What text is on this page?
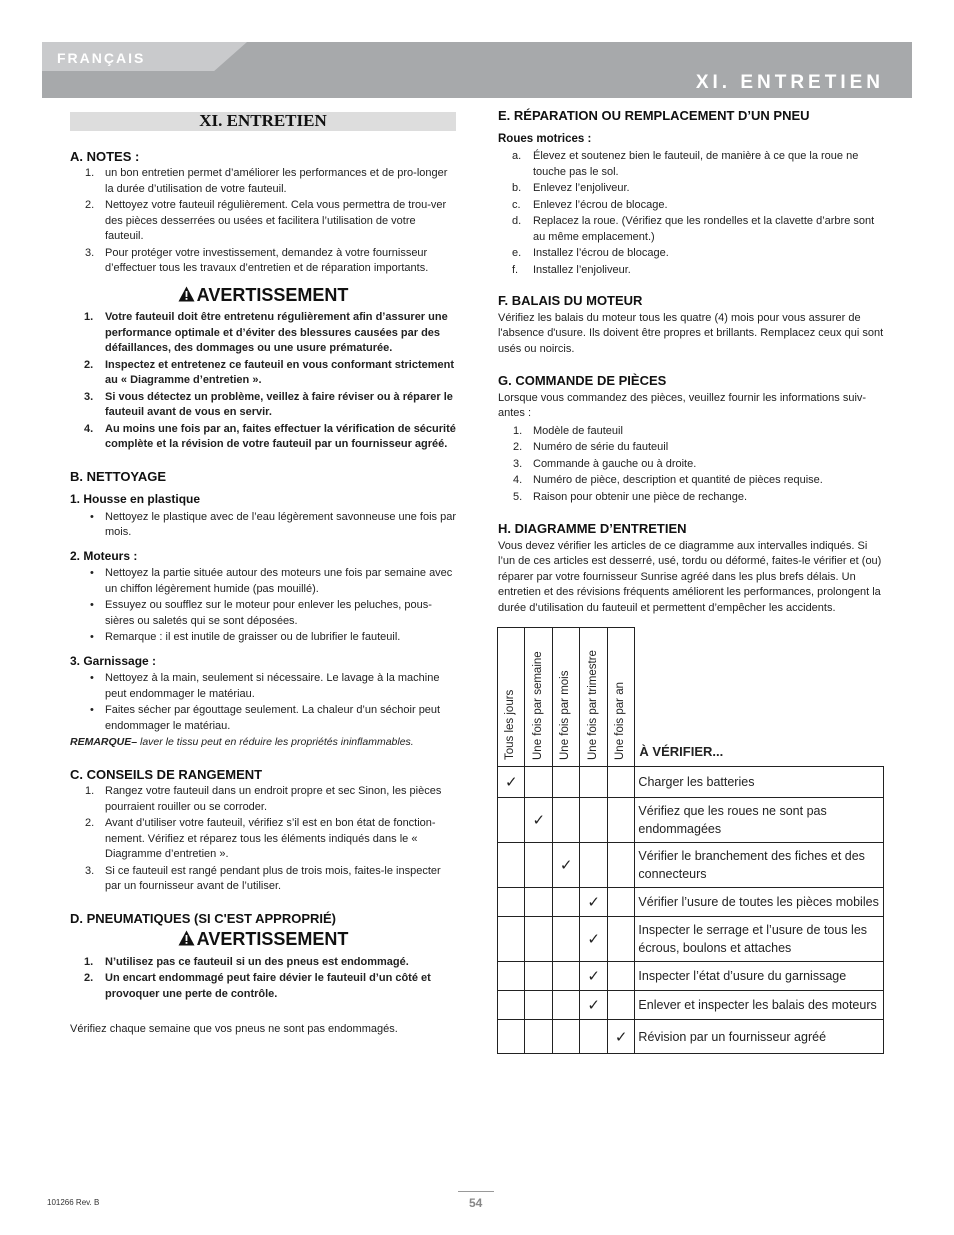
FRANÇAIS
XI. ENTRETIEN
XI. ENTRETIEN
A. NOTES :
1. un bon entretien permet d’améliorer les performances et de pro-longer la durée d’utilisation de votre fauteuil.
2. Nettoyez votre fauteuil régulièrement. Cela vous permettra de trou-ver des pièces desserrées ou usées et facilitera l’utilisation de votre fauteuil.
3. Pour protéger votre investissement, demandez à votre fournisseur d’effectuer tous les travaux d’entretien et de réparation importants.
AVERTISSEMENT
1. Votre fauteuil doit être entretenu régulièrement afin d’assurer une performance optimale et d’éviter des blessures causées par des défaillances, des dommages ou une usure prématurée.
2. Inspectez et entretenez ce fauteuil en vous conformant strictement au « Diagramme d’entretien ».
3. Si vous détectez un problème, veillez à faire réviser ou à réparer le fauteuil avant de vous en servir.
4. Au moins une fois par an, faites effectuer la vérification de sécurité complète et la révision de votre fauteuil par un fournisseur agréé.
B. NETTOYAGE
1. Housse en plastique
• Nettoyez le plastique avec de l’eau légèrement savonneuse une fois par mois.
2. Moteurs :
• Nettoyez la partie située autour des moteurs une fois par semaine avec un chiffon légèrement humide (pas mouillé).
• Essuyez ou soufflez sur le moteur pour enlever les peluches, pous-sières ou saletés qui se sont déposées.
• Remarque : il est inutile de graisser ou de lubrifier le fauteuil.
3. Garnissage :
• Nettoyez à la main, seulement si nécessaire. Le lavage à la machine peut endommager le matériau.
• Faites sécher par égouttage seulement. La chaleur d’un séchoir peut endommager le matériau.
REMARQUE– laver le tissu peut en réduire les propriétés ininflammables.
C. CONSEILS DE RANGEMENT
1. Rangez votre fauteuil dans un endroit propre et sec Sinon, les pièces pourraient rouiller ou se corroder.
2. Avant d’utiliser votre fauteuil, vérifiez s’il est en bon état de fonction-nement. Vérifiez et réparez tous les éléments indiqués dans le « Diagramme d’entretien ».
3. Si ce fauteuil est rangé pendant plus de trois mois, faites-le inspecter par un fournisseur avant de l’utiliser.
D. PNEUMATIQUES (SI C'EST APPROPRIÉ)
AVERTISSEMENT
1. N’utilisez pas ce fauteuil si un des pneus est endommagé.
2. Un encart endommagé peut faire dévier le fauteuil d’un côté et provoquer une perte de contrôle.

Vérifiez chaque semaine que vos pneus ne sont pas endommagés.

E. RÉPARATION OU REMPLACEMENT D’UN PNEU
Roues motrices :
a. Élevez et soutenez bien le fauteuil, de manière à ce que la roue ne touche pas le sol.
b. Enlevez l’enjoliveur.
c. Enlevez l’écrou de blocage.
d. Replacez la roue. (Vérifiez que les rondelles et la clavette d’arbre sont au même emplacement.)
e. Installez l’écrou de blocage.
f. Installez l’enjoliveur.
F. BALAIS DU MOTEUR

Vérifiez les balais du moteur tous les quatre (4) mois pour vous assurer de l'absence d'usure. Ils doivent être propres et brillants. Remplacez ceux qui sont usés ou noircis.

G. COMMANDE DE PIÈCES

Lorsque vous commandez des pièces, veuillez fournir les informations suiv-antes :

1. Modèle de fauteuil
2. Numéro de série du fauteuil
3. Commande à gauche ou à droite.
4. Numéro de pièce, description et quantité de pièces requise.
5. Raison pour obtenir une pièce de rechange.
H. DIAGRAMME D’ENTRETIEN

Vous devez vérifier les articles de ce diagramme aux intervalles indiqués. Si l’un de ces articles est desserré, usé, tordu ou déformé, faites-le vérifier et (ou) réparer par votre fournisseur Sunrise agréé dans les plus brefs délais. Un entretien et des révisions fréquents améliorent les performances, prolongent la durée d’utilisation du fauteuil et permettent d’empêcher les accidents.

Tous les jours	Une fois par semaine	Une fois par mois	Une fois par trimestre	Une fois par an	À VÉRIFIER...
✓					Charger les batteries
	✓				Vérifiez que les roues ne sont pas endommagées
		✓			Vérifier le branchement des fiches et des connecteurs
			✓		Vérifier l’usure de toutes les pièces mobiles
			✓		Inspecter le serrage et l’usure de tous les écrous, boulons et attaches
			✓		Inspecter l’état d’usure du garnissage
			✓		Enlever et inspecter les balais des moteurs
				✓	Révision par un fournisseur agréé
101266 Rev. B	54
